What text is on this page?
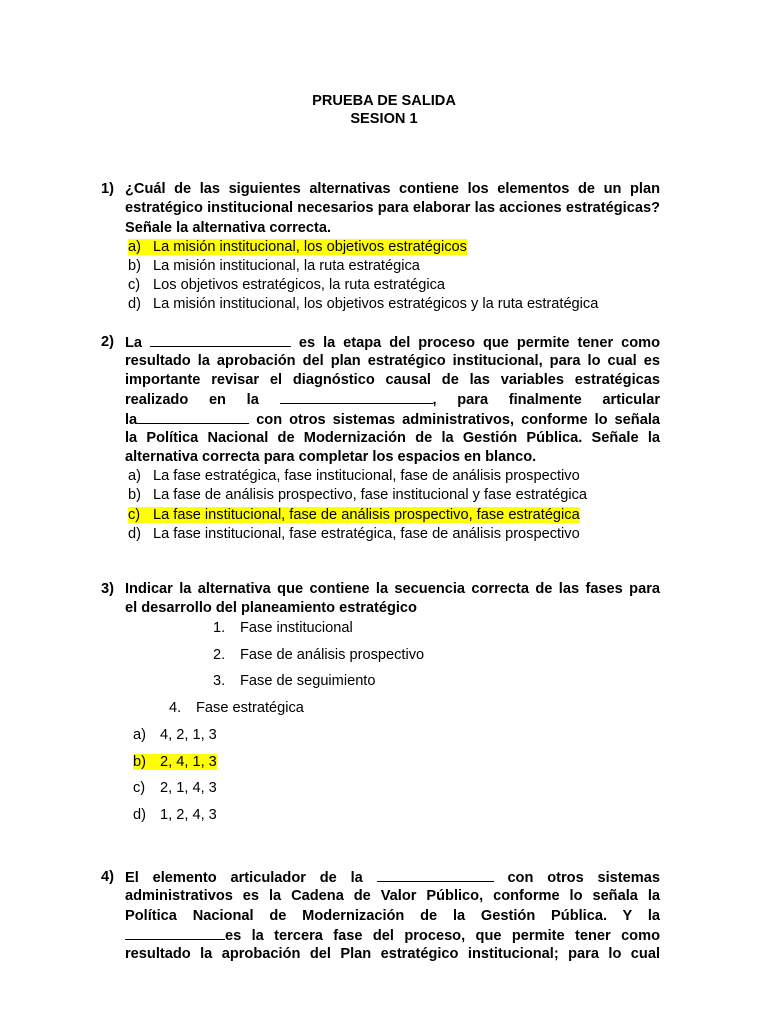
PRUEBA DE SALIDA
SESION 1
1) ¿Cuál de las siguientes alternativas contiene los elementos de un plan estratégico institucional necesarios para elaborar las acciones estratégicas? Señale la alternativa correcta.
a) La misión institucional, los objetivos estratégicos
b) La misión institucional, la ruta estratégica
c) Los objetivos estratégicos, la ruta estratégica
d) La misión institucional, los objetivos estratégicos y la ruta estratégica
2) La	es la etapa del proceso que permite tener como
resultado la aprobación del plan estratégico institucional, para lo cual es
importante revisar el diagnóstico causal de las variables estratégicas
realizado en la	, para finalmente articular
la	con otros sistemas administrativos, conforme lo señala
la Política Nacional de Modernización de la Gestión Pública. Señale la
alternativa correcta para completar los espacios en blanco.
a) La fase estratégica, fase institucional, fase de análisis prospectivo
b) La fase de análisis prospectivo, fase institucional y fase estratégica
c) La fase institucional, fase de análisis prospectivo, fase estratégica
d) La fase institucional, fase estratégica, fase de análisis prospectivo
3) Indicar la alternativa que contiene la secuencia correcta de las fases para
el desarrollo del planeamiento estratégico
1. Fase institucional
2. Fase de análisis prospectivo
3. Fase de seguimiento
4. Fase estratégica
a) 4, 2, 1, 3
b) 2, 4, 1, 3
c) 2, 1, 4, 3
d) 1, 2, 4, 3
4) El elemento articulador de la	con otros sistemas
administrativos es la Cadena de Valor Público, conforme lo señala la
Política Nacional de Modernización de la Gestión Pública. Y la
es la tercera fase del proceso, que permite tener como
resultado la aprobación del Plan estratégico institucional; para lo cual
